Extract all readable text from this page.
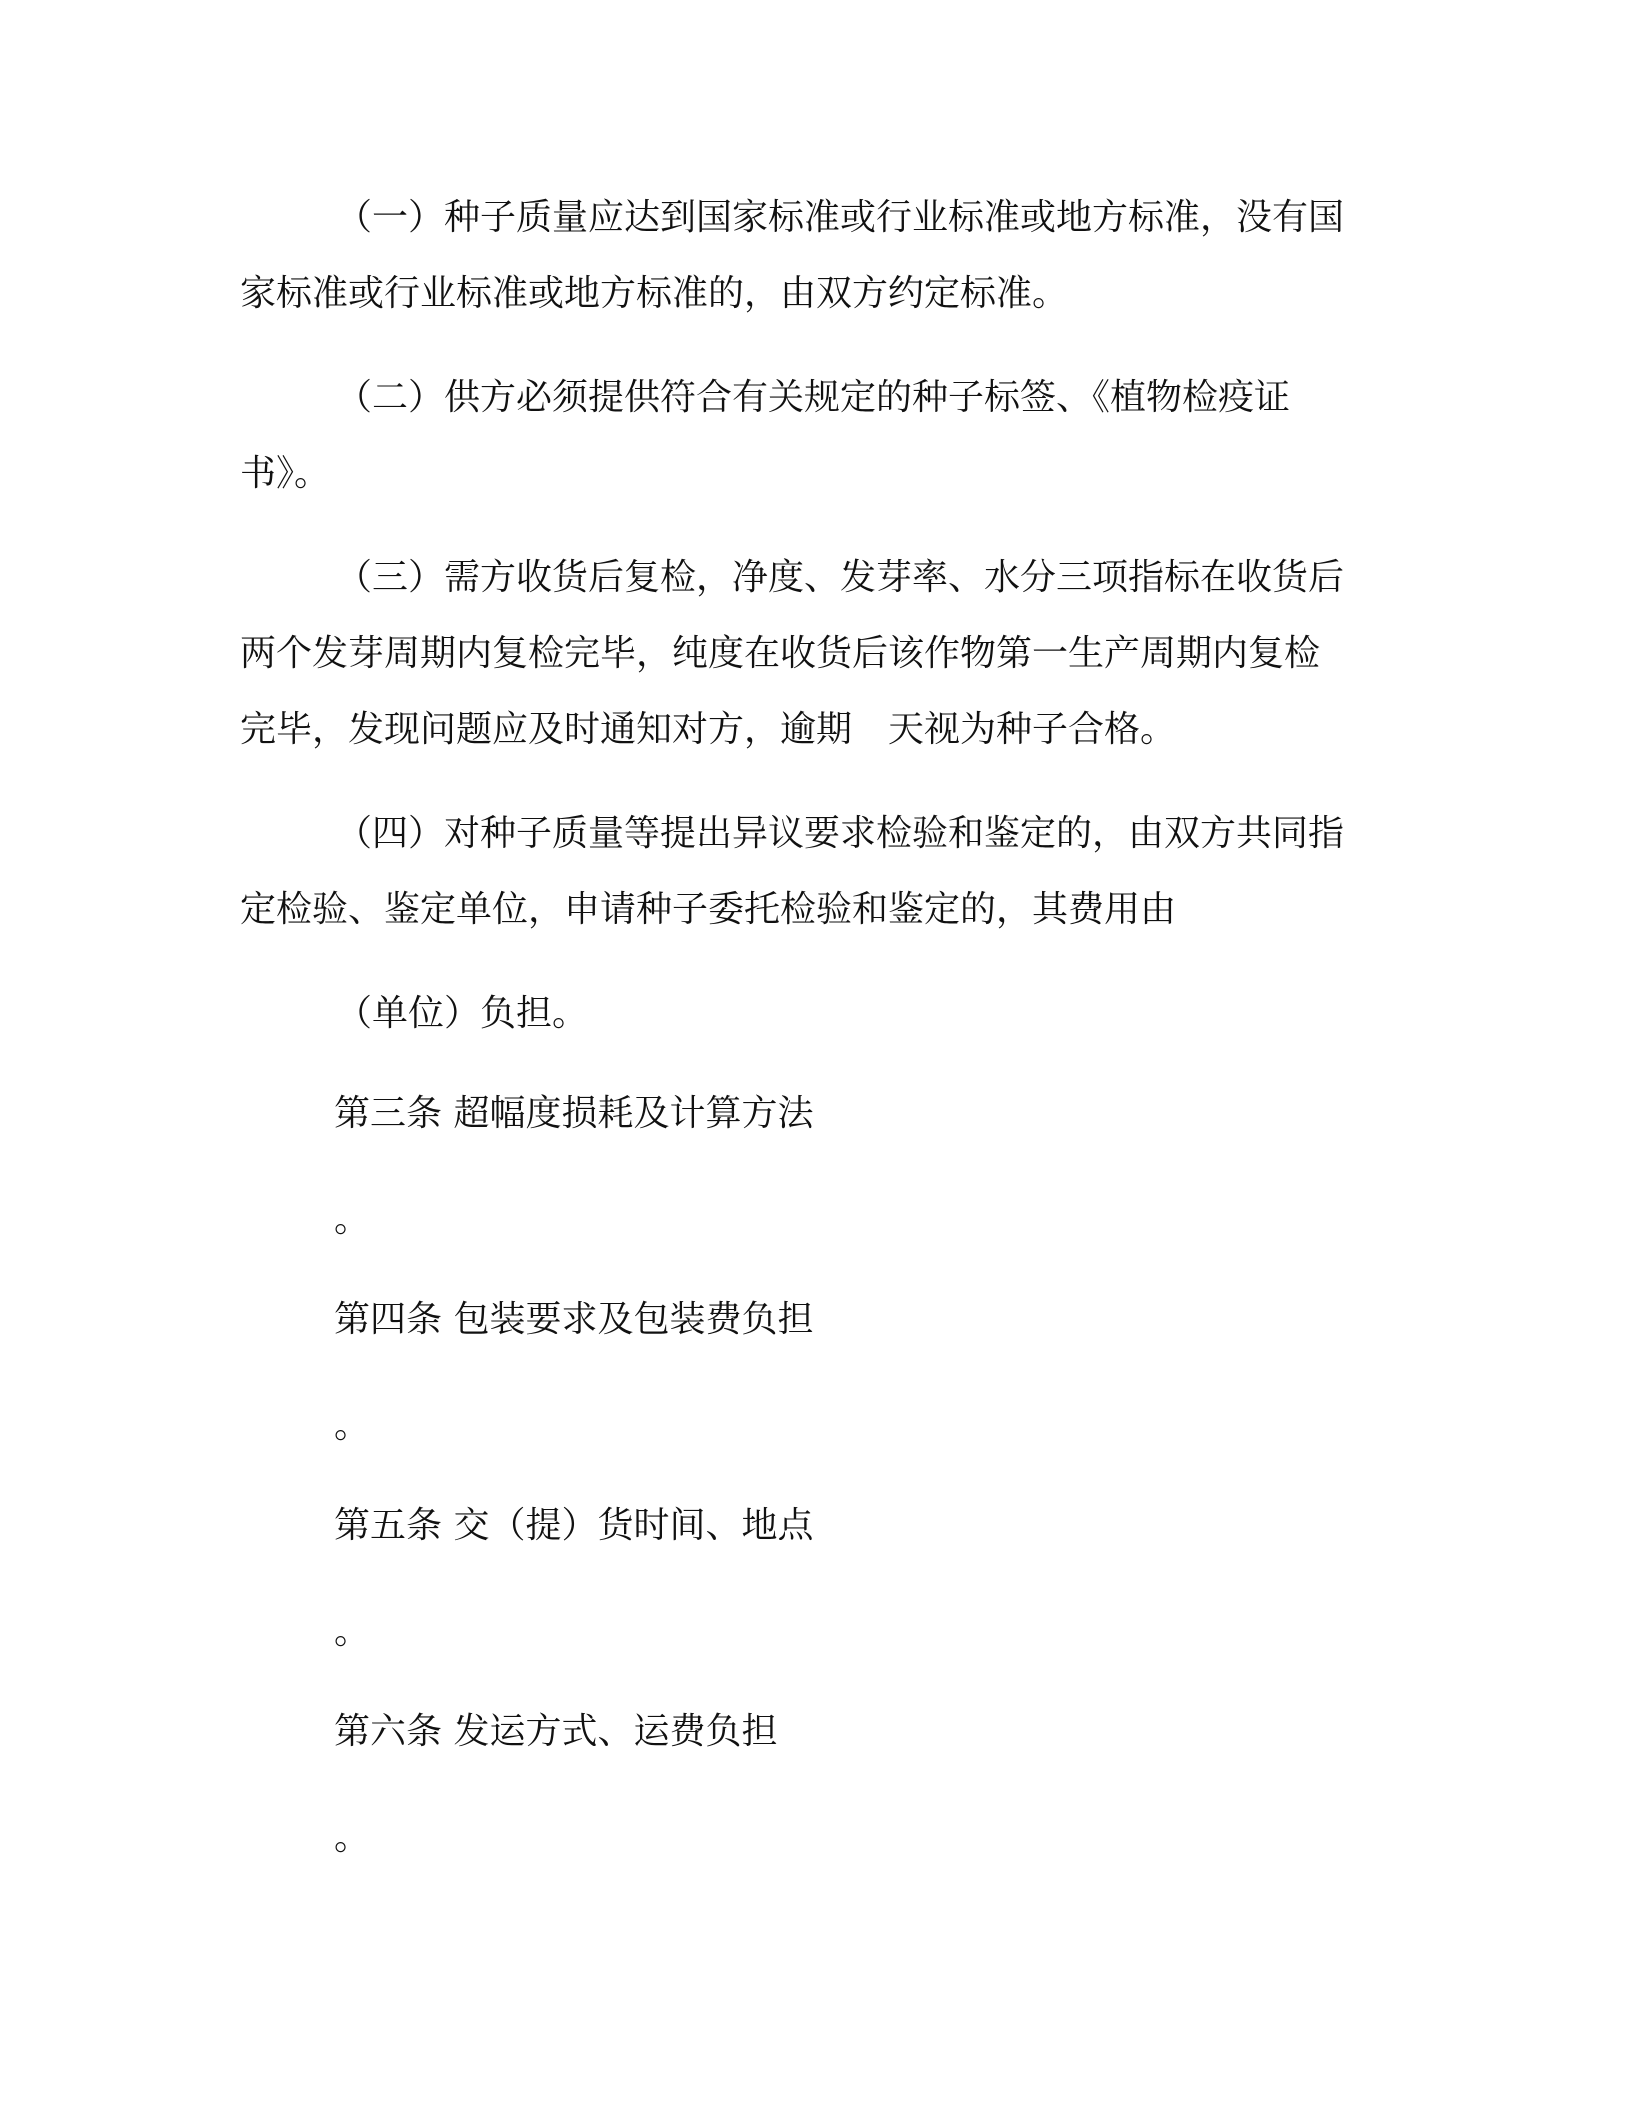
（一）种子质量应达到国家标准或行业标准或地方标准，没有国

家标准或行业标准或地方标准的，由双方约定标准。

（二）供方必须提供符合有关规定的种子标签、《植物检疫证

书》。

（三）需方收货后复检，净度、发芽率、水分三项指标在收货后

两个发芽周期内复检完毕，纯度在收货后该作物第一生产周期内复检

完毕，发现问题应及时通知对方，逾期　天视为种子合格。

（四）对种子质量等提出异议要求检验和鉴定的，由双方共同指

定检验、鉴定单位，申请种子委托检验和鉴定的，其费用由

（单位）负担。

第三条 超幅度损耗及计算方法

。

第四条 包装要求及包装费负担

。

第五条 交（提）货时间、地点

。

第六条 发运方式、运费负担

。
